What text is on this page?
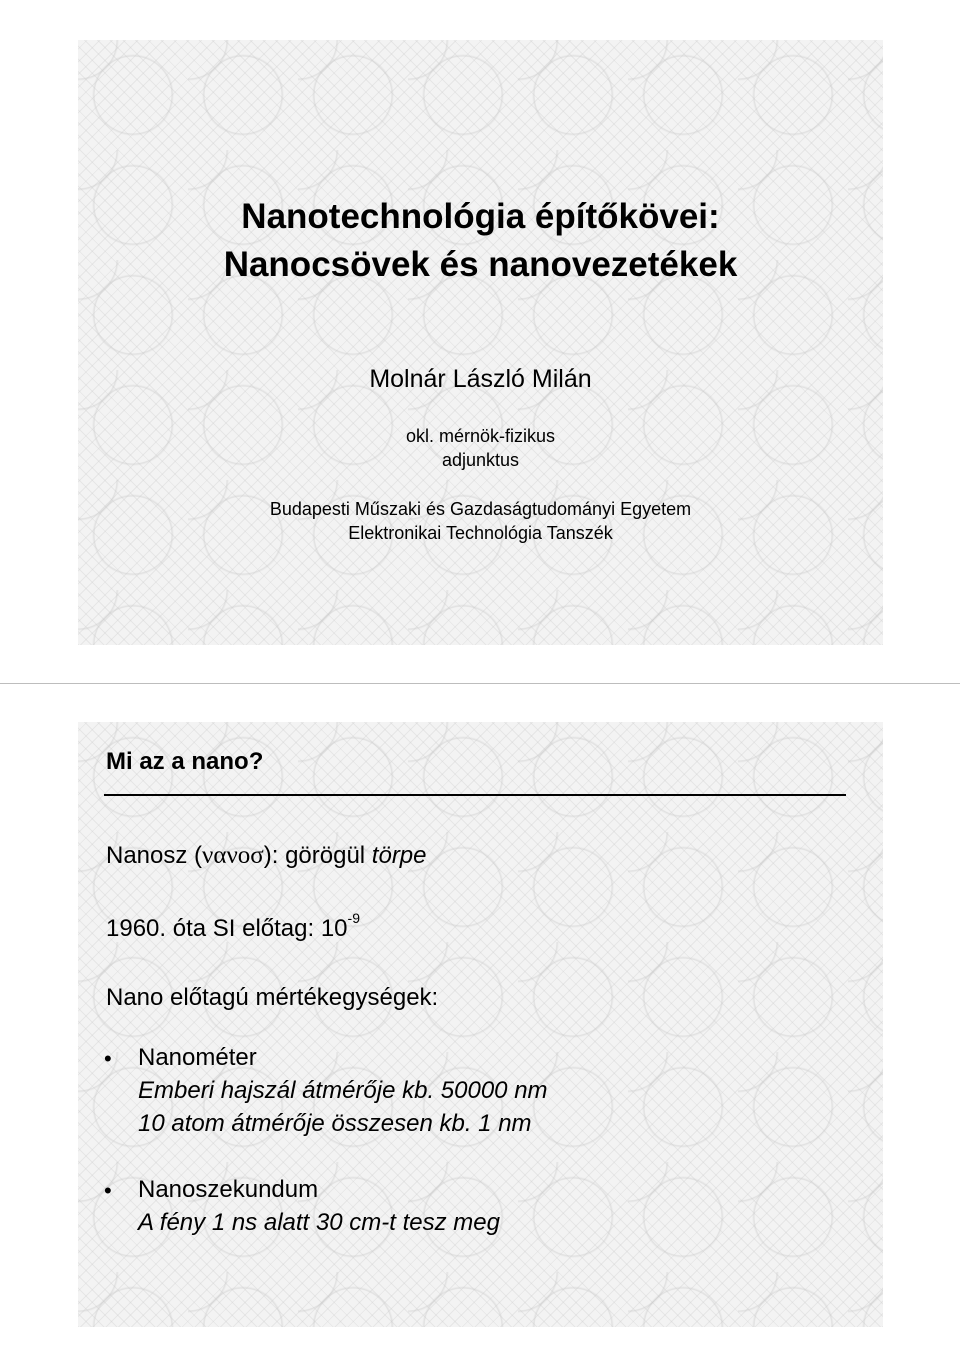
Nanotechnológia építőkövei:
Nanocsövek és nanovezetékek
Molnár László Milán
okl. mérnök-fizikus
adjunktus
Budapesti Műszaki és Gazdaságtudományi Egyetem
Elektronikai Technológia Tanszék
Mi az a nano?
Nanosz (νανοσ): görögül törpe
1960. óta SI előtag: $10^{-9}$
Nano előtagú mértékegységek:
• Nanométer
Emberi hajszál átmérője kb. 50000 nm
10 atom átmérője összesen kb. 1 nm
• Nanoszekundum
A fény 1 ns alatt 30 cm-t tesz meg
